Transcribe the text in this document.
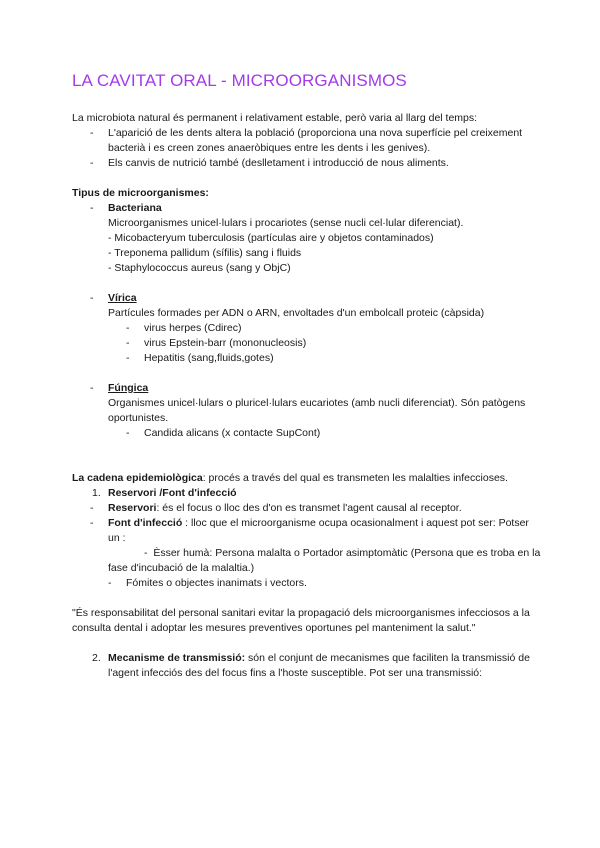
LA CAVITAT ORAL - MICROORGANISMOS

La microbiota natural és permanent i relativament estable, però varia al llarg del temps:

- L'aparició de les dents altera la població (proporciona una nova superfície pel creixement bacterià i es creen zones anaeròbiques entre les dents i les genives).
- Els canvis de nutrició també (deslletament i introducció de nous aliments.

Tipus de microorganismes:

- Bacteriana

Microorganismes unicel·lulars i procariotes (sense nucli cel·lular diferenciat).

- Micobacteryum tuberculosis (partículas aire y objetos contaminados)

- Treponema pallidum (sífilis) sang i fluids

- Staphylococcus aureus (sang y ObjC)

- Vírica

Partícules formades per ADN o ARN, envoltades d'un embolcall proteic (càpsida)

- virus herpes (Cdirec)
- virus Epstein-barr (mononucleosis)
- Hepatitis (sang,fluids,gotes)
- Fúngica

Organismes unicel·lulars o pluricel·lulars eucariotes (amb nucli diferenciat). Són patògens oportunistes.

- Candida alicans (x contacte SupCont)

La cadena epidemiològica: procés a través del qual es transmeten les malalties infeccioses.

1. Reservori /Font d'infecció
- Reservori: és el focus o lloc des d'on es transmet l'agent causal al receptor.
- Font d'infecció : lloc que el microorganisme ocupa ocasionalment i aquest pot ser: Potser un :
- Èsser humà: Persona malalta o Portador asimptomàtic (Persona que es troba en la fase d'incubació de la malaltia.)
- Fómites o objectes inanimats i vectors.

"És responsabilitat del personal sanitari evitar la propagació dels microorganismes infecciosos a la consulta dental i adoptar les mesures preventives oportunes pel manteniment la salut."

2. Mecanisme de transmissió: són el conjunt de mecanismes que faciliten la transmissió de l'agent infecciós des del focus fins a l'hoste susceptible. Pot ser una transmissió:
